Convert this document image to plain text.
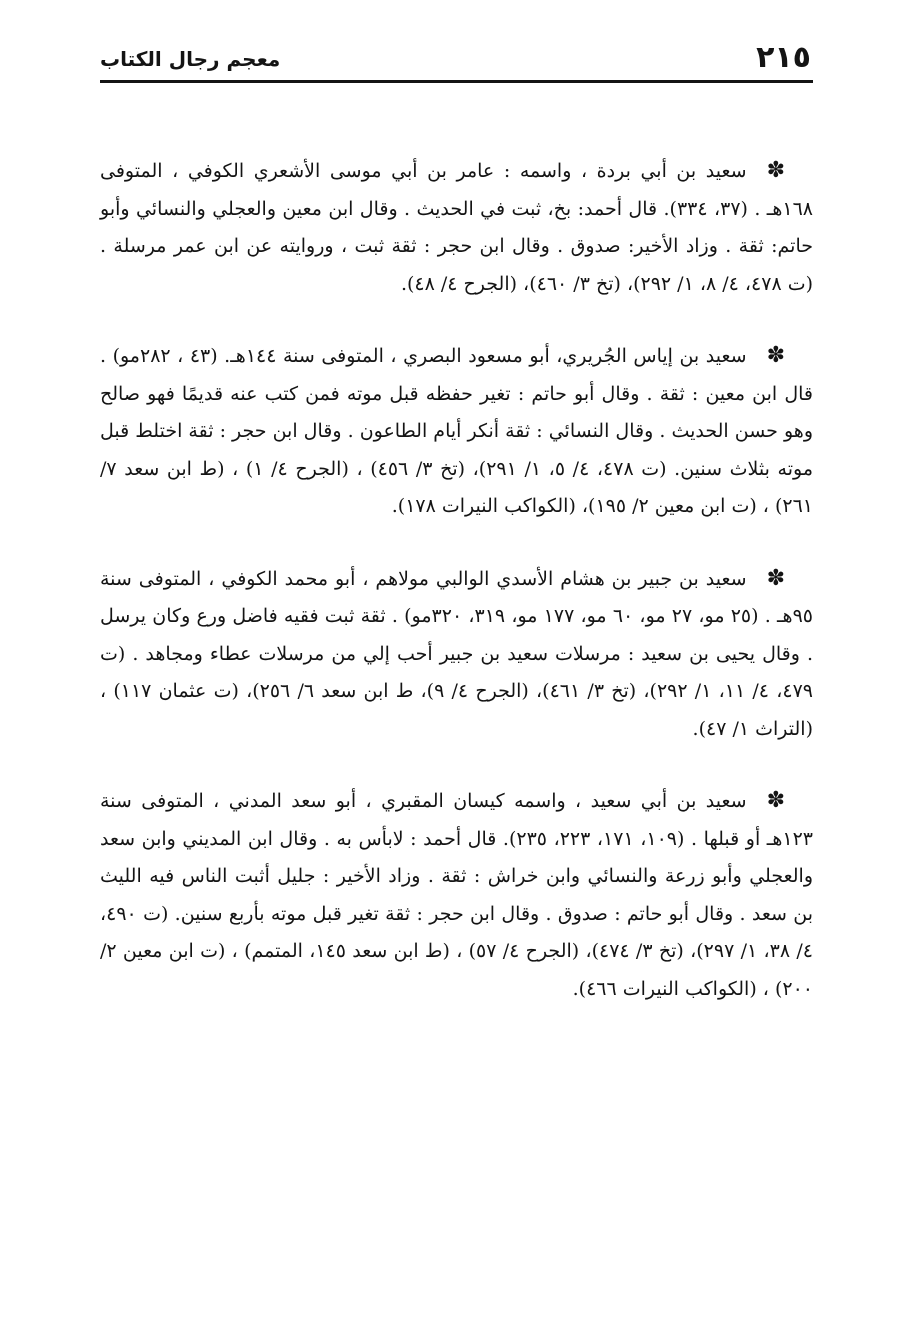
٢١٥
معجم رجال الكتاب

✽سعيد بن أبي بردة ، واسمه : عامر بن أبي موسى الأشعري الكوفي ، المتوفى ١٦٨هـ . (٣٧، ٣٣٤). قال أحمد: بخ، ثبت في الحديث . وقال ابن معين والعجلي والنسائي وأبو حاتم: ثقة . وزاد الأخير: صدوق . وقال ابن حجر : ثقة ثبت ، وروايته عن ابن عمر مرسلة . (ت ٤٧٨، ٤/ ٨، ١/ ٢٩٢)، (تخ ٣/ ٤٦٠)، (الجرح ٤/ ٤٨).

✽سعيد بن إياس الجُريري، أبو مسعود البصري ، المتوفى سنة ١٤٤هـ. (٤٣ ، ٢٨٢مو) . قال ابن معين : ثقة . وقال أبو حاتم : تغير حفظه قبل موته فمن كتب عنه قديمًا فهو صالح وهو حسن الحديث . وقال النسائي : ثقة أنكر أيام الطاعون . وقال ابن حجر : ثقة اختلط قبل موته بثلاث سنين. (ت ٤٧٨، ٤/ ٥، ١/ ٢٩١)، (تخ ٣/ ٤٥٦) ، (الجرح ٤/ ١) ، (ط ابن سعد ٧/ ٢٦١) ، (ت ابن معين ٢/ ١٩٥)، (الكواكب النيرات ١٧٨).

✽سعيد بن جبير بن هشام الأسدي الوالبي مولاهم ، أبو محمد الكوفي ، المتوفى سنة ٩٥هـ . (٢٥ مو، ٢٧ مو، ٦٠ مو، ١٧٧ مو، ٣١٩، ٣٢٠مو) . ثقة ثبت فقيه فاضل ورع وكان يرسل . وقال يحيى بن سعيد : مرسلات سعيد بن جبير أحب إلي من مرسلات عطاء ومجاهد . (ت ٤٧٩، ٤/ ١١، ١/ ٢٩٢)، (تخ ٣/ ٤٦١)، (الجرح ٤/ ٩)، ط ابن سعد ٦/ ٢٥٦)، (ت عثمان ١١٧) ، (التراث ١/ ٤٧).

✽سعيد بن أبي سعيد ، واسمه كيسان المقبري ، أبو سعد المدني ، المتوفى سنة ١٢٣هـ أو قبلها . (١٠٩، ١٧١، ٢٢٣، ٢٣٥). قال أحمد : لابأس به . وقال ابن المديني وابن سعد والعجلي وأبو زرعة والنسائي وابن خراش : ثقة . وزاد الأخير : جليل أثبت الناس فيه الليث بن سعد . وقال أبو حاتم : صدوق . وقال ابن حجر : ثقة تغير قبل موته بأربع سنين. (ت ٤٩٠، ٤/ ٣٨، ١/ ٢٩٧)، (تخ ٣/ ٤٧٤)، (الجرح ٤/ ٥٧) ، (ط ابن سعد ١٤٥، المتمم) ، (ت ابن معين ٢/ ٢٠٠) ، (الكواكب النيرات ٤٦٦).
